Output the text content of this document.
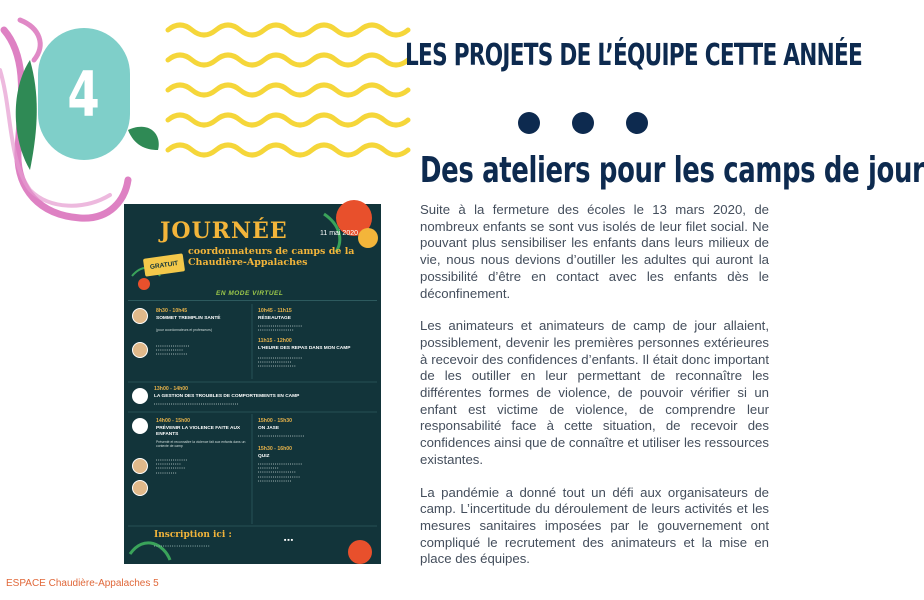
4
LES PROJETS DE L’ÉQUIPE CETTE ANNÉE
Des ateliers pour les camps de jour

Suite à la fermeture des écoles le 13 mars 2020, de nombreux enfants se sont vus isolés de leur filet social. Ne pouvant plus sensibiliser les enfants dans leurs milieux de vie, nous nous devions d’outiller les adultes qui auront la possibilité d’être en contact avec les enfants dès le déconfinement.

Les animateurs et animateurs de camp de jour allaient, possiblement, devenir les premières personnes extérieures à recevoir des confidences d’enfants. Il était donc important de les outiller en leur permettant de reconnaître les différentes formes de violence, de pouvoir vérifier si un enfant est victime de violence, de comprendre leur responsabilité face à cette situation, de recevoir des confidences ainsi que de connaître et utiliser les ressources existantes.

La pandémie a donné tout un défi aux organisateurs de camp. L’incertitude du déroulement de leurs activités et les mesures sanitaires imposées par le gouvernement ont compliqué le recrutement des animateurs et la mise en place des équipes.

ESPACE Chaudière-Appalaches 5
JOURNÉE	11 mai 2020
GRATUIT
coordonnateurs de camps de la Chaudière-Appalaches
EN MODE VIRTUEL
8h30 - 10h45
SOMMET TREMPLIN SANTÉ
(pour coordonnateurs et professeurs)
• • • • • • • • • • • • • • • •
• • • • • • • • • • • • •
• • • • • • • • • • • • • • •
10h45 - 11h15
RÉSEAUTAGE
• • • • • • • • • • • • • • • • • • • • •
• • • • • • • • • • • • • • • • •
11h15 - 12h00
L’HEURE DES REPAS DANS MON CAMP
• • • • • • • • • • • • • • • • • • • • •
• • • • • • • • • • • • • • • •
• • • • • • • • • • • • • • • • • •
13h00 - 14h00
LA GESTION DES TROUBLES DE COMPORTEMENTS EN CAMP
• • • • • • • • • • • • • • • • • • • • • • • • • • • • • • • • • • • • • • • •
14h00 - 15h00
PRÉVENIR LA VIOLENCE FAITE AUX ENFANTS
Présenté et reconnaître la violence fait aux enfants dans un contexte de camp
• • • • • • • • • • • • • • •
• • • • • • • • • • • •
• • • • • • • • • • • • • •
• • • • • • • • • •
15h00 - 15h30
ON JASE
• • • • • • • • • • • • • • • • • • • • • •
15h30 - 16h00
QUIZ
• • • • • • • • • • • • • • • • • • • • •
• • • • • • • • • •
• • • • • • • • • • • • • • • • • •
• • • • • • • • • • • • • • • • • • • •
• • • • • • • • • • • • • • • •
Inscription ici :
• • • • • • • • • • • • • • • • • • • • • • • • •
■ ■ ■
